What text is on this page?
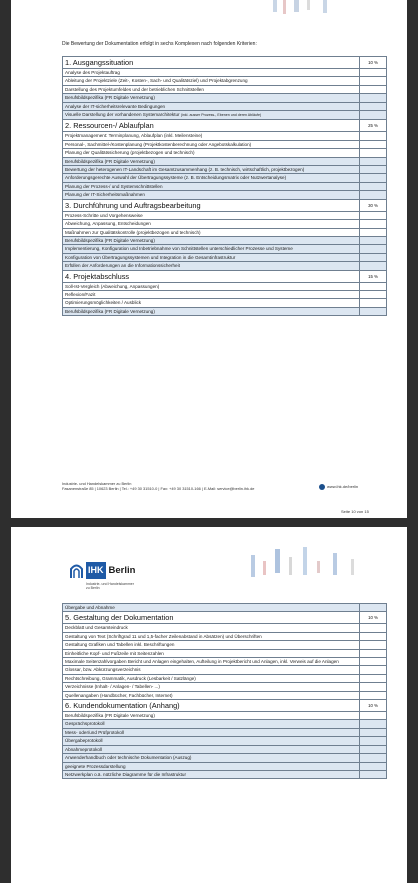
Die Bewertung der Dokumentation erfolgt in sechs Komplexen nach folgenden Kriterien:
1. Ausgangssituation	10 %
Analyse des Projektauftrag	
Ableitung der Projektziele (Zeit-, Kosten-, Sach- und Qualitätsziel) und Projektabgrenzung	
Darstellung des Projektumfeldes und der betrieblichen Schnittstellen	
Berufsbildspezifika (FR Digitale Vernetzung)	
Analyse der IT-sicherheitsrelevante Bedingungen	
Visuelle Darstellung der vorhandenen Systemarchitektur (inkl. ausser Prozess-, Ebenen und deren Abläufe)	
2. Ressourcen-/ Ablaufplan	25 %
Projektmanagement: Terminplanung, Ablaufplan (inkl. Meilensteine)	
Personal-, Sachmittel-/Kostenplanung (Projektkostenberechnung oder Angebotskalkulation)	
Planung der Qualitätssicherung (projektbezogen und technisch)	
Berufsbildspezifika (FR Digitale Vernetzung)	
Bewertung der heterogenen IT-Landschaft im Gesamtzusammenhang (z. B. technisch, wirtschaftlich, projektbezogen)	
Anforderungsgerechte Auswahl der Übertragungssysteme (z. B. Entscheidungsmatrix oder Nutzwertanalyse)	
Planung der Prozess-/ und Systemschnittstellen	
Planung der IT-Sicherheitsmaßnahmen	
3. Durchführung und Auftragsbearbeitung	30 %
Prozess-Schritte und Vorgehensweise	
Abweichung, Anpassung, Entscheidungen	
Maßnahmen zur Qualitätskontrolle (projektbezogen und technisch)	
Berufsbildspezifika (FR Digitale Vernetzung)	
Implementierung, Konfiguration und Inbetriebnahme von Schnittstellen unterschiedlicher Prozesse und Systeme	
Konfiguration von Übertragungssystemen und Integration in die Gesamtinfrastruktur	
Erfüllen der Anforderungen an die Informationssicherheit	
4. Projektabschluss	15 %
Soll-Ist-Vergleich (Abweichung, Anpassungen)	
Reflexion/Fazit	
Optimierungsmöglichkeiten / Ausblick	
Berufsbildspezifika (FR Digitale Vernetzung)	
Industrie- und Handelskammer zu Berlin
Fasanenstraße 85 | 10623 Berlin | Tel.: +49 30 31510-0 | Fax: +49 30 31510-166 | E-Mail: service@berlin.ihk.de	www.ihk.de/berlin
Seite 10 von 15
IHK Berlin
Industrie- und Handelskammer
zu Berlin
Übergabe und Abnahme	
5. Gestaltung der Dokumentation	10 %
Deckblatt und Gesamteindruck	
Gestaltung von Text (Schriftgrad 11 und 1,5-facher Zeilenabstand in Absätzen) und Überschriften	
Gestaltung Grafiken und Tabellen inkl. Beschriftungen	
Einheitliche Kopf- und Fußzeile mit Seitenzahlen	
Maximale Seitenzahlvorgaben Bericht und Anlagen eingehalten, Aufteilung in Projektbericht und Anlagen, inkl. Verweis auf die Anlagen	
Glossar, bzw. Abkürzungsverzeichnis	
Rechtschreibung, Grammatik, Ausdruck (Lesbarkeit / Satzlänge)	
Verzeichnisse (Inhalt- / Anlagen- / Tabellen- ...)	
Quellenangaben (Handbücher, Fachbücher, Internet)	
6. Kundendokumentation (Anhang)	10 %
Berufsbildspezifika (FR Digitale Vernetzung)	
Gesprächsprotokoll	
Mess- oder/und Prüfprotokoll	
Übergabeprotokoll	
Abnahmeprotokoll	
Anwenderhandbuch oder technische Dokumentation (Auszug)	
geeignete Prozessdarstellung	
Netzwerkplan o.ä. nützliche Diagramme für die Infrastruktur	
